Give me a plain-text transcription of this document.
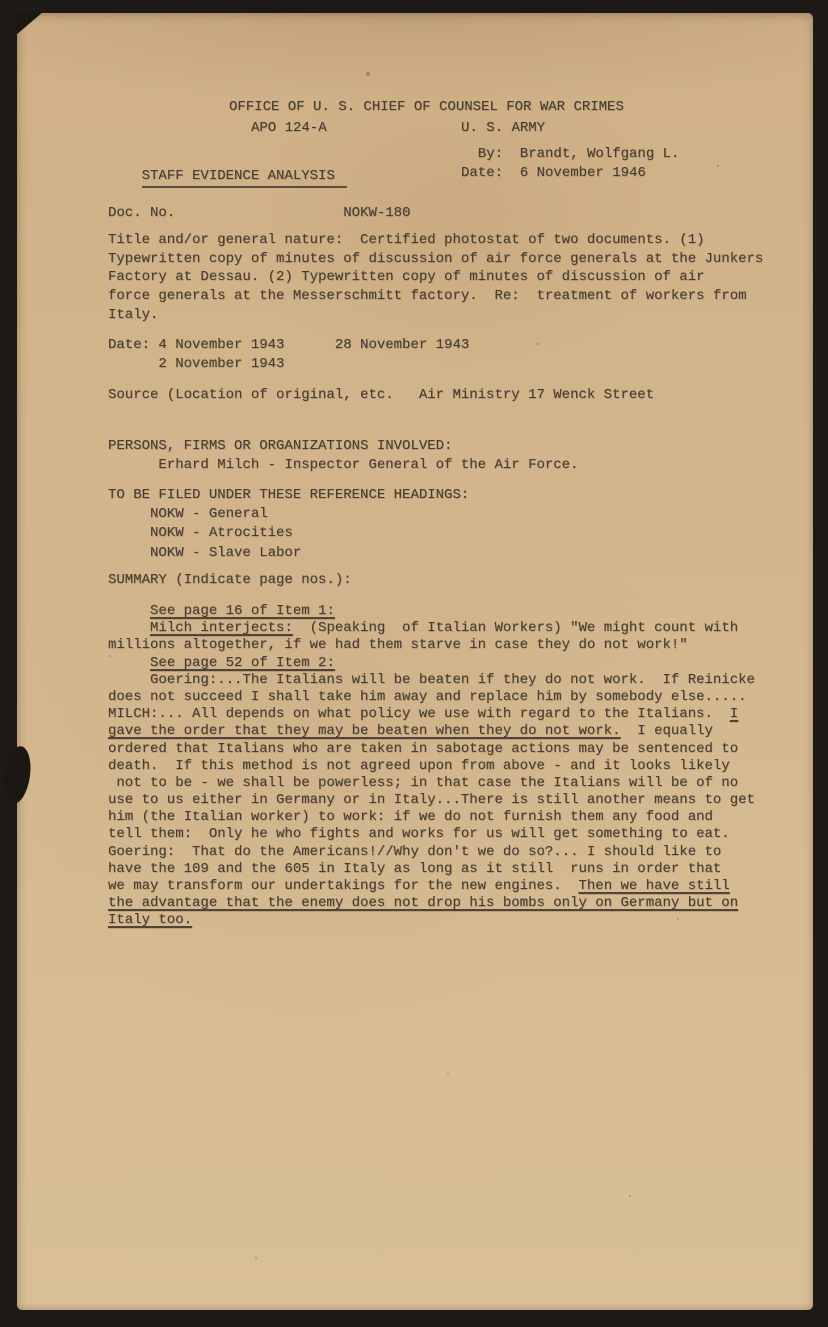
OFFICE OF U. S. CHIEF OF COUNSEL FOR WAR CRIMES
APO 124-A                U. S. ARMY

STAFF EVIDENCE ANALYSIS

By:  Brandt, Wolfgang L.
Date:  6 November 1946
Doc. No.                    NOKW-180
Title and/or general nature:  Certified photostat of two documents. (1)
Typewritten copy of minutes of discussion of air force generals at the Junkers
Factory at Dessau. (2) Typewritten copy of minutes of discussion of air
force generals at the Messerschmitt factory.  Re:  treatment of workers from
Italy.
Date: 4 November 1943      28 November 1943
2 November 1943
Source (Location of original, etc.   Air Ministry 17 Wenck Street
PERSONS, FIRMS OR ORGANIZATIONS INVOLVED:
Erhard Milch - Inspector General of the Air Force.
TO BE FILED UNDER THESE REFERENCE HEADINGS:
NOKW - General
NOKW - Atrocities
NOKW - Slave Labor
SUMMARY (Indicate page nos.):
See page 16 of Item 1:
Milch interjects:  (Speaking  of Italian Workers) "We might count with
millions altogether, if we had them starve in case they do not work!"
See page 52 of Item 2:
Goering:...The Italians will be beaten if they do not work.  If Reinicke
does not succeed I shall take him away and replace him by somebody else.....
MILCH:... All depends on what policy we use with regard to the Italians.  I
gave the order that they may be beaten when they do not work.  I equally
ordered that Italians who are taken in sabotage actions may be sentenced to
death.  If this method is not agreed upon from above - and it looks likely
not to be - we shall be powerless; in that case the Italians will be of no
use to us either in Germany or in Italy...There is still another means to get
him (the Italian worker) to work: if we do not furnish them any food and
tell them:  Only he who fights and works for us will get something to eat.
Goering:  That do the Americans!//Why don't we do so?... I should like to
have the 109 and the 605 in Italy as long as it still  runs in order that
we may transform our undertakings for the new engines.  Then we have still
the advantage that the enemy does not drop his bombs only on Germany but on
Italy too.
